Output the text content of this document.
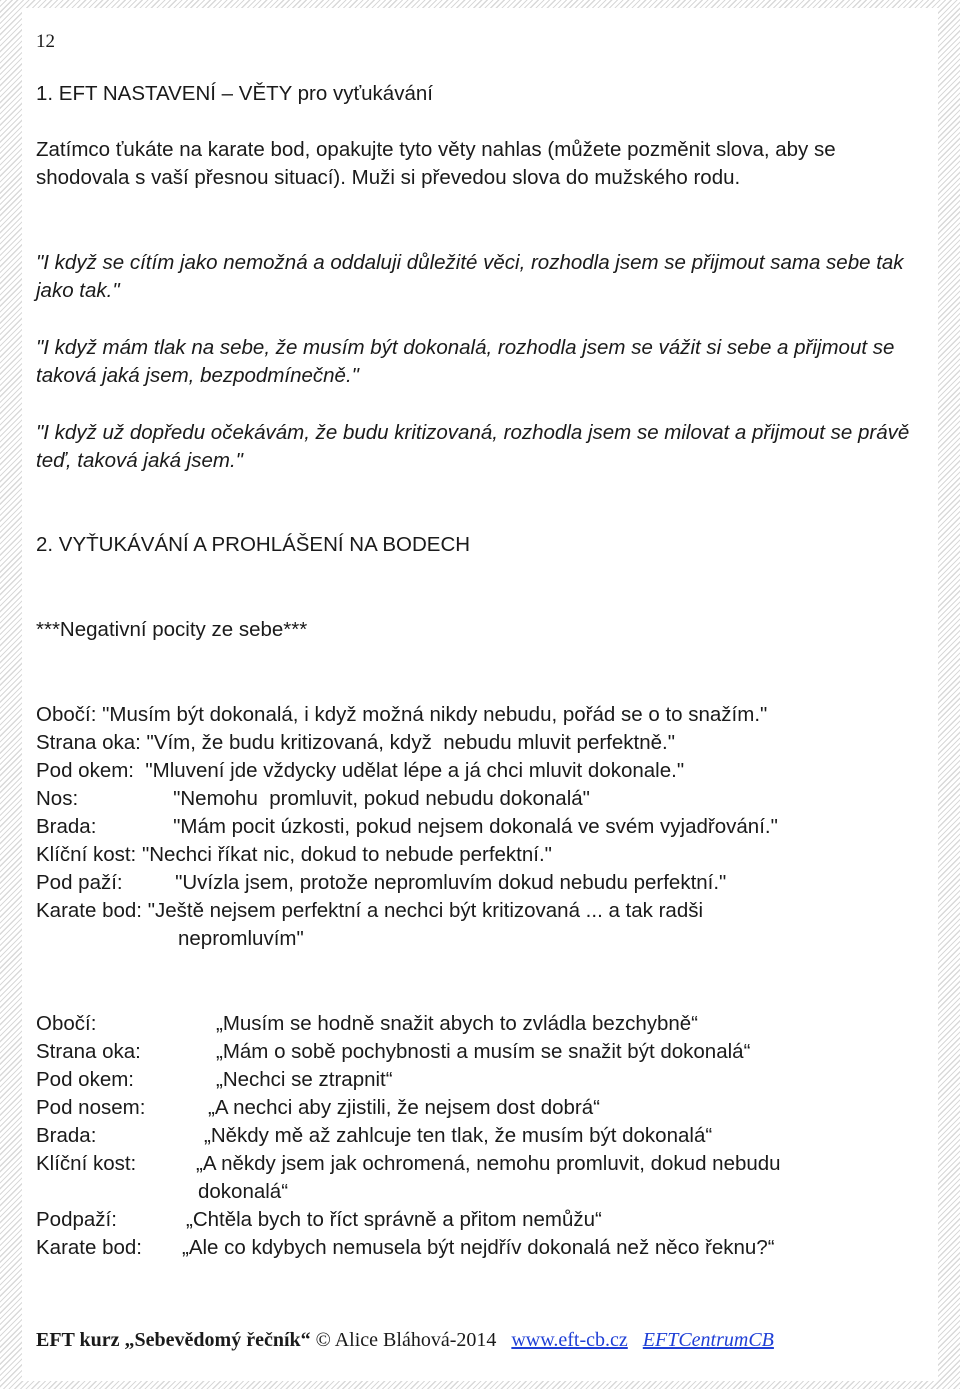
12
1. EFT NASTAVENÍ – VĚTY pro vyťukávání

Zatímco ťukáte na karate bod, opakujte tyto věty nahlas (můžete pozměnit slova, aby se shodovala s vaší přesnou situací). Muži si převedou slova do mužského rodu.

"I když se cítím jako nemožná a oddaluji důležité věci, rozhodla jsem se přijmout sama sebe tak jako tak."

"I když mám tlak na sebe, že musím být dokonalá, rozhodla jsem se vážit si sebe a přijmout se taková jaká jsem, bezpodmínečně."

"I když už dopředu očekávám, že budu kritizovaná, rozhodla jsem se milovat a přijmout se právě teď, taková jaká jsem."

2. VYŤUKÁVÁNÍ A PROHLÁŠENÍ NA BODECH
***Negativní pocity ze sebe***
Obočí: "Musím být dokonalá, i když možná nikdy nebudu, pořád se o to snažím."
Strana oka: "Vím, že budu kritizovaná, když  nebudu mluvit perfektně."
Pod okem:  "Mluvení jde vždycky udělat lépe a já chci mluvit dokonale."
Nos:	"Nemohu  promluvit, pokud nebudu dokonalá"
Brada:	"Mám pocit úzkosti, pokud nejsem dokonalá ve svém vyjadřování."
Klíční kost: "Nechci říkat nic, dokud to nebude perfektní."
Pod paží:   "Uvízla jsem, protože nepromluvím dokud nebudu perfektní."
Karate bod: "Ještě nejsem perfektní a nechci být kritizovaná ... a tak radši
nepromluvím"
Obočí:	„Musím se hodně snažit abych to zvládla bezchybně“
Strana oka:	„Mám o sobě pochybnosti a musím se snažit být dokonalá“
Pod okem:	„Nechci se ztrapnit“
Pod nosem:	„A nechci aby zjistili, že nejsem dost dobrá“
Brada:	„Někdy mě až zahlcuje ten tlak, že musím být dokonalá“
Klíční kost:	„A někdy jsem jak ochromená, nemohu promluvit, dokud nebudu
dokonalá“
Podpaží:	„Chtěla bych to říct správně a přitom nemůžu“
Karate bod: „Ale co kdybych nemusela být nejdřív dokonalá než něco řeknu?“
EFT kurz „Sebevědomý řečník“ © Alice Bláhová-2014 www.eft-cb.cz EFTCentrumCB
